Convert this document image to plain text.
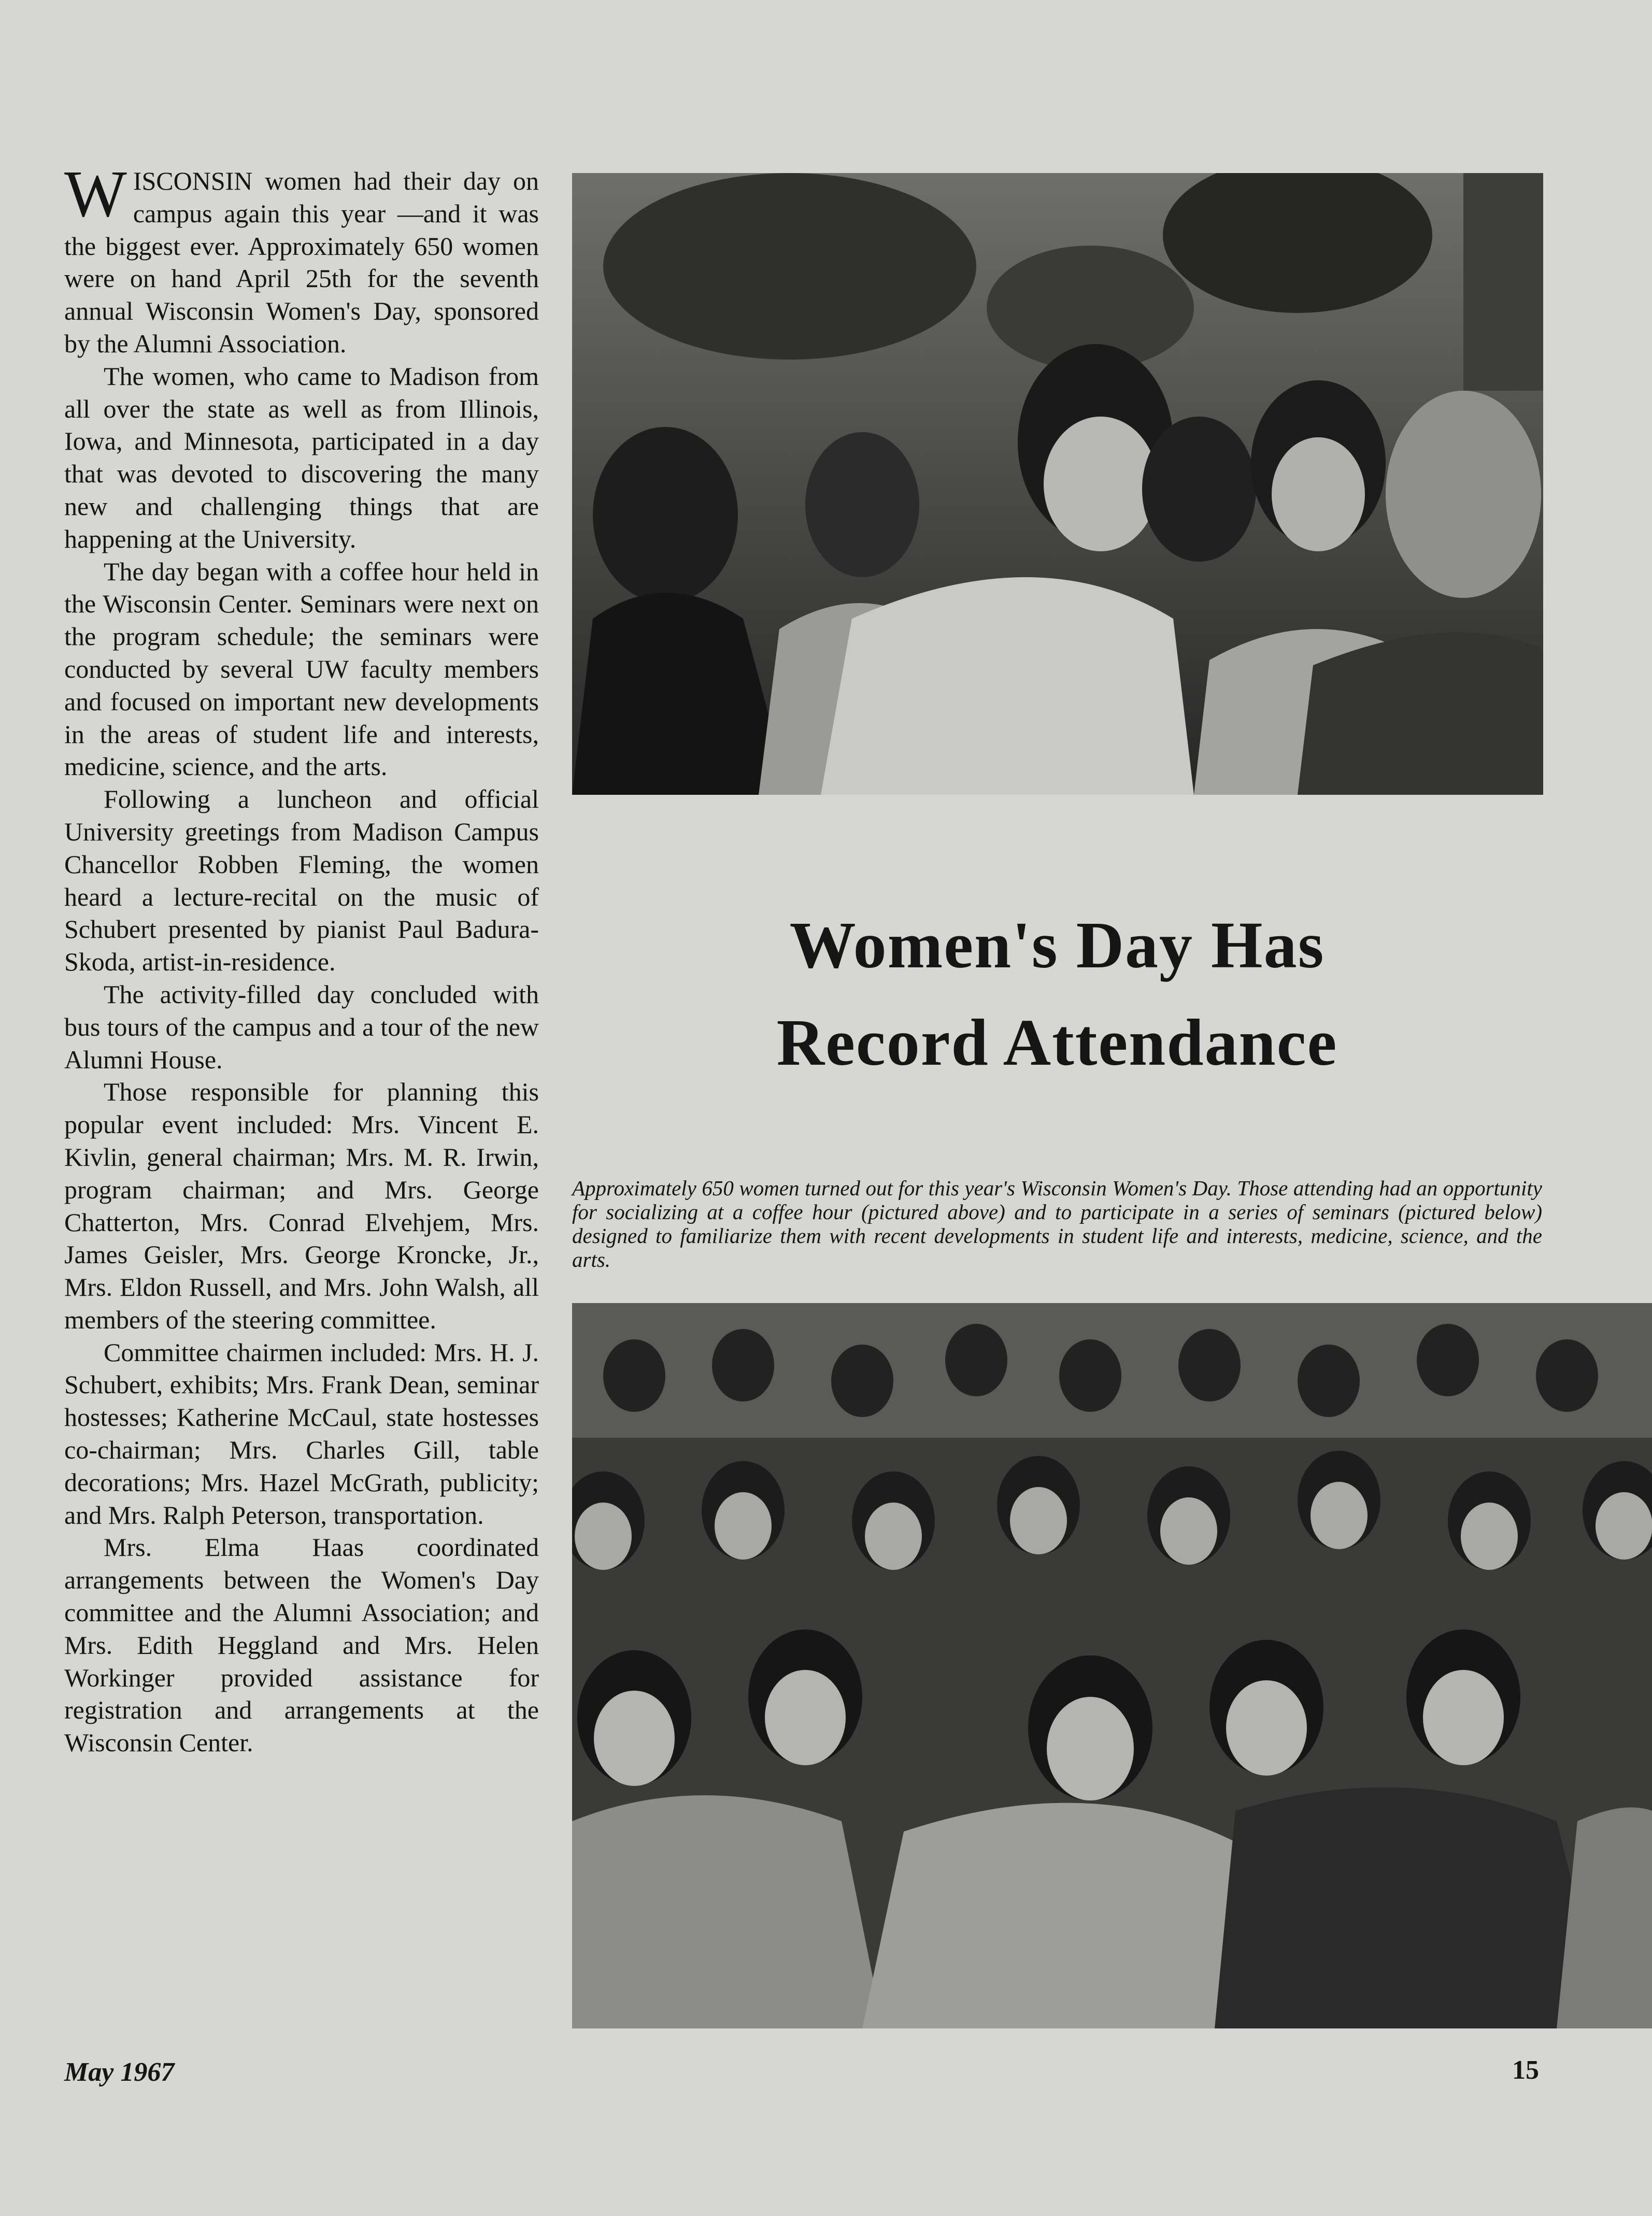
WISCONSIN women had their day on campus again this year —and it was the biggest ever. Approximately 650 women were on hand April 25th for the seventh annual Wisconsin Women's Day, sponsored by the Alumni Association.

The women, who came to Madison from all over the state as well as from Illinois, Iowa, and Minnesota, participated in a day that was devoted to discovering the many new and challenging things that are happening at the University.

The day began with a coffee hour held in the Wisconsin Center. Seminars were next on the program schedule; the seminars were conducted by several UW faculty members and focused on important new developments in the areas of student life and interests, medicine, science, and the arts.

Following a luncheon and official University greetings from Madison Campus Chancellor Robben Fleming, the women heard a lecture-recital on the music of Schubert presented by pianist Paul Badura-Skoda, artist-in-residence.

The activity-filled day concluded with bus tours of the campus and a tour of the new Alumni House.

Those responsible for planning this popular event included: Mrs. Vincent E. Kivlin, general chairman; Mrs. M. R. Irwin, program chairman; and Mrs. George Chatterton, Mrs. Conrad Elvehjem, Mrs. James Geisler, Mrs. George Kroncke, Jr., Mrs. Eldon Russell, and Mrs. John Walsh, all members of the steering committee.

Committee chairmen included: Mrs. H. J. Schubert, exhibits; Mrs. Frank Dean, seminar hostesses; Katherine McCaul, state hostesses co-chairman; Mrs. Charles Gill, table decorations; Mrs. Hazel McGrath, publicity; and Mrs. Ralph Peterson, transportation.

Mrs. Elma Haas coordinated arrangements between the Women's Day committee and the Alumni Association; and Mrs. Edith Heggland and Mrs. Helen Workinger provided assistance for registration and arrangements at the Wisconsin Center.

Women's Day Has
Record Attendance
Approximately 650 women turned out for this year's Wisconsin Women's Day. Those attending had an opportunity for socializing at a coffee hour (pictured above) and to participate in a series of seminars (pictured below) designed to familiarize them with recent developments in student life and interests, medicine, science, and the arts.
May 1967	15
